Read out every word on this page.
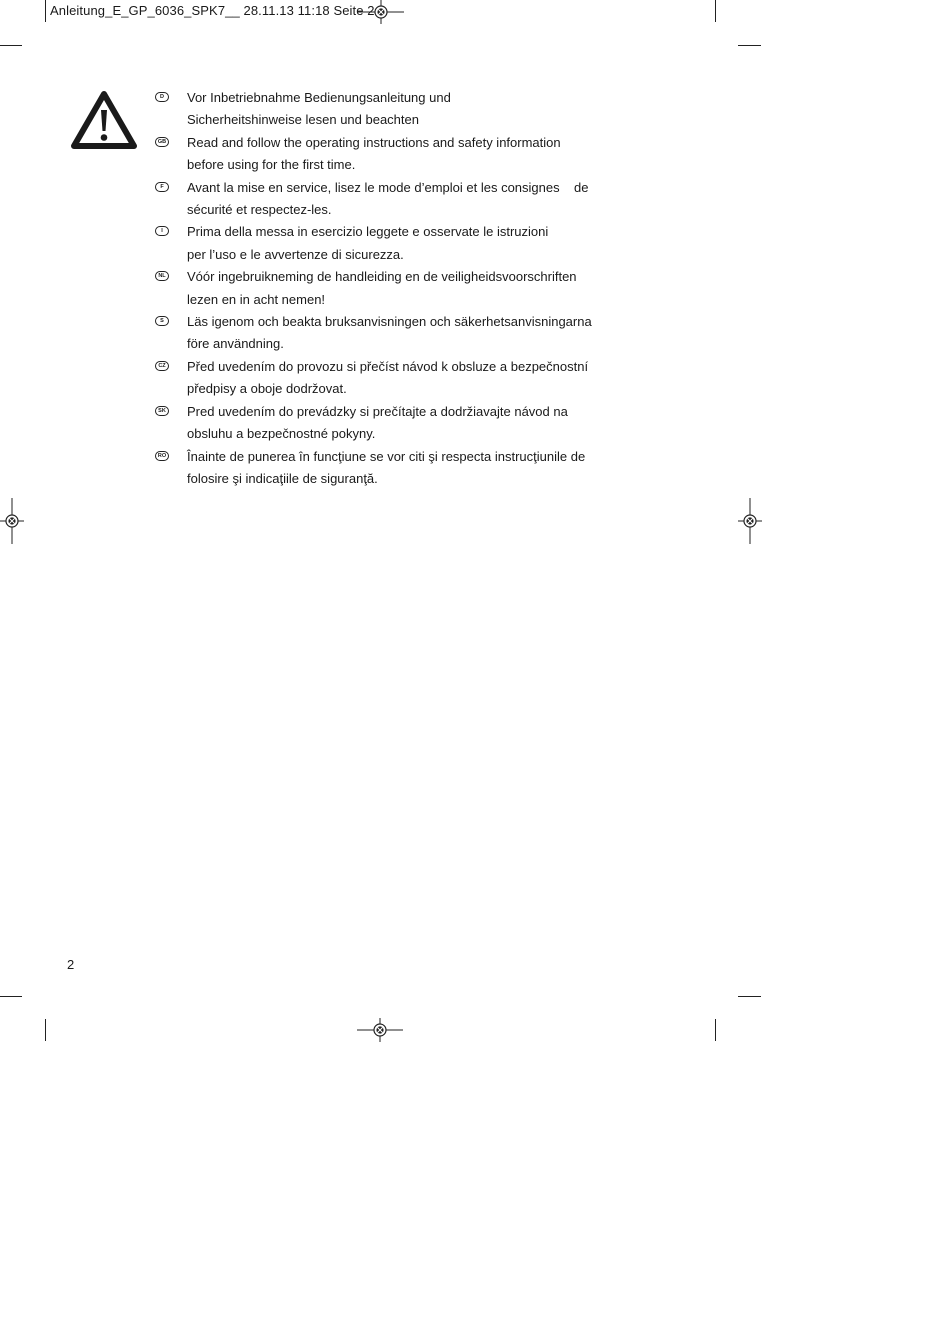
Anleitung_E_GP_6036_SPK7__ 28.11.13 11:18 Seite 2
D	Vor Inbetriebnahme Bedienungsanleitung und
Sicherheitshinweise lesen und beachten
GB	Read and follow the operating instructions and safety information
before using for the first time.
F	Avant la mise en service, lisez le mode d’emploi et les consignes    de
sécurité et respectez-les.
I	Prima della messa in esercizio leggete e osservate le istruzioni
per l’uso e le avvertenze di sicurezza.
NL	Vóór ingebruikneming de handleiding en de veiligheidsvoorschriften
lezen en in acht nemen!
S	Läs igenom och beakta bruksanvisningen och säkerhetsanvisningarna
före användning.
CZ	Před uvedením do provozu si přečíst návod k obsluze a bezpečnostní
předpisy a oboje dodržovat.
SK	Pred uvedením do prevádzky si prečítajte a dodržiavajte návod na
obsluhu a bezpečnostné pokyny.
RO	Înainte de punerea în funcţiune se vor citi şi respecta instrucţiunile de
folosire şi indicaţiile de siguranţă.
2
